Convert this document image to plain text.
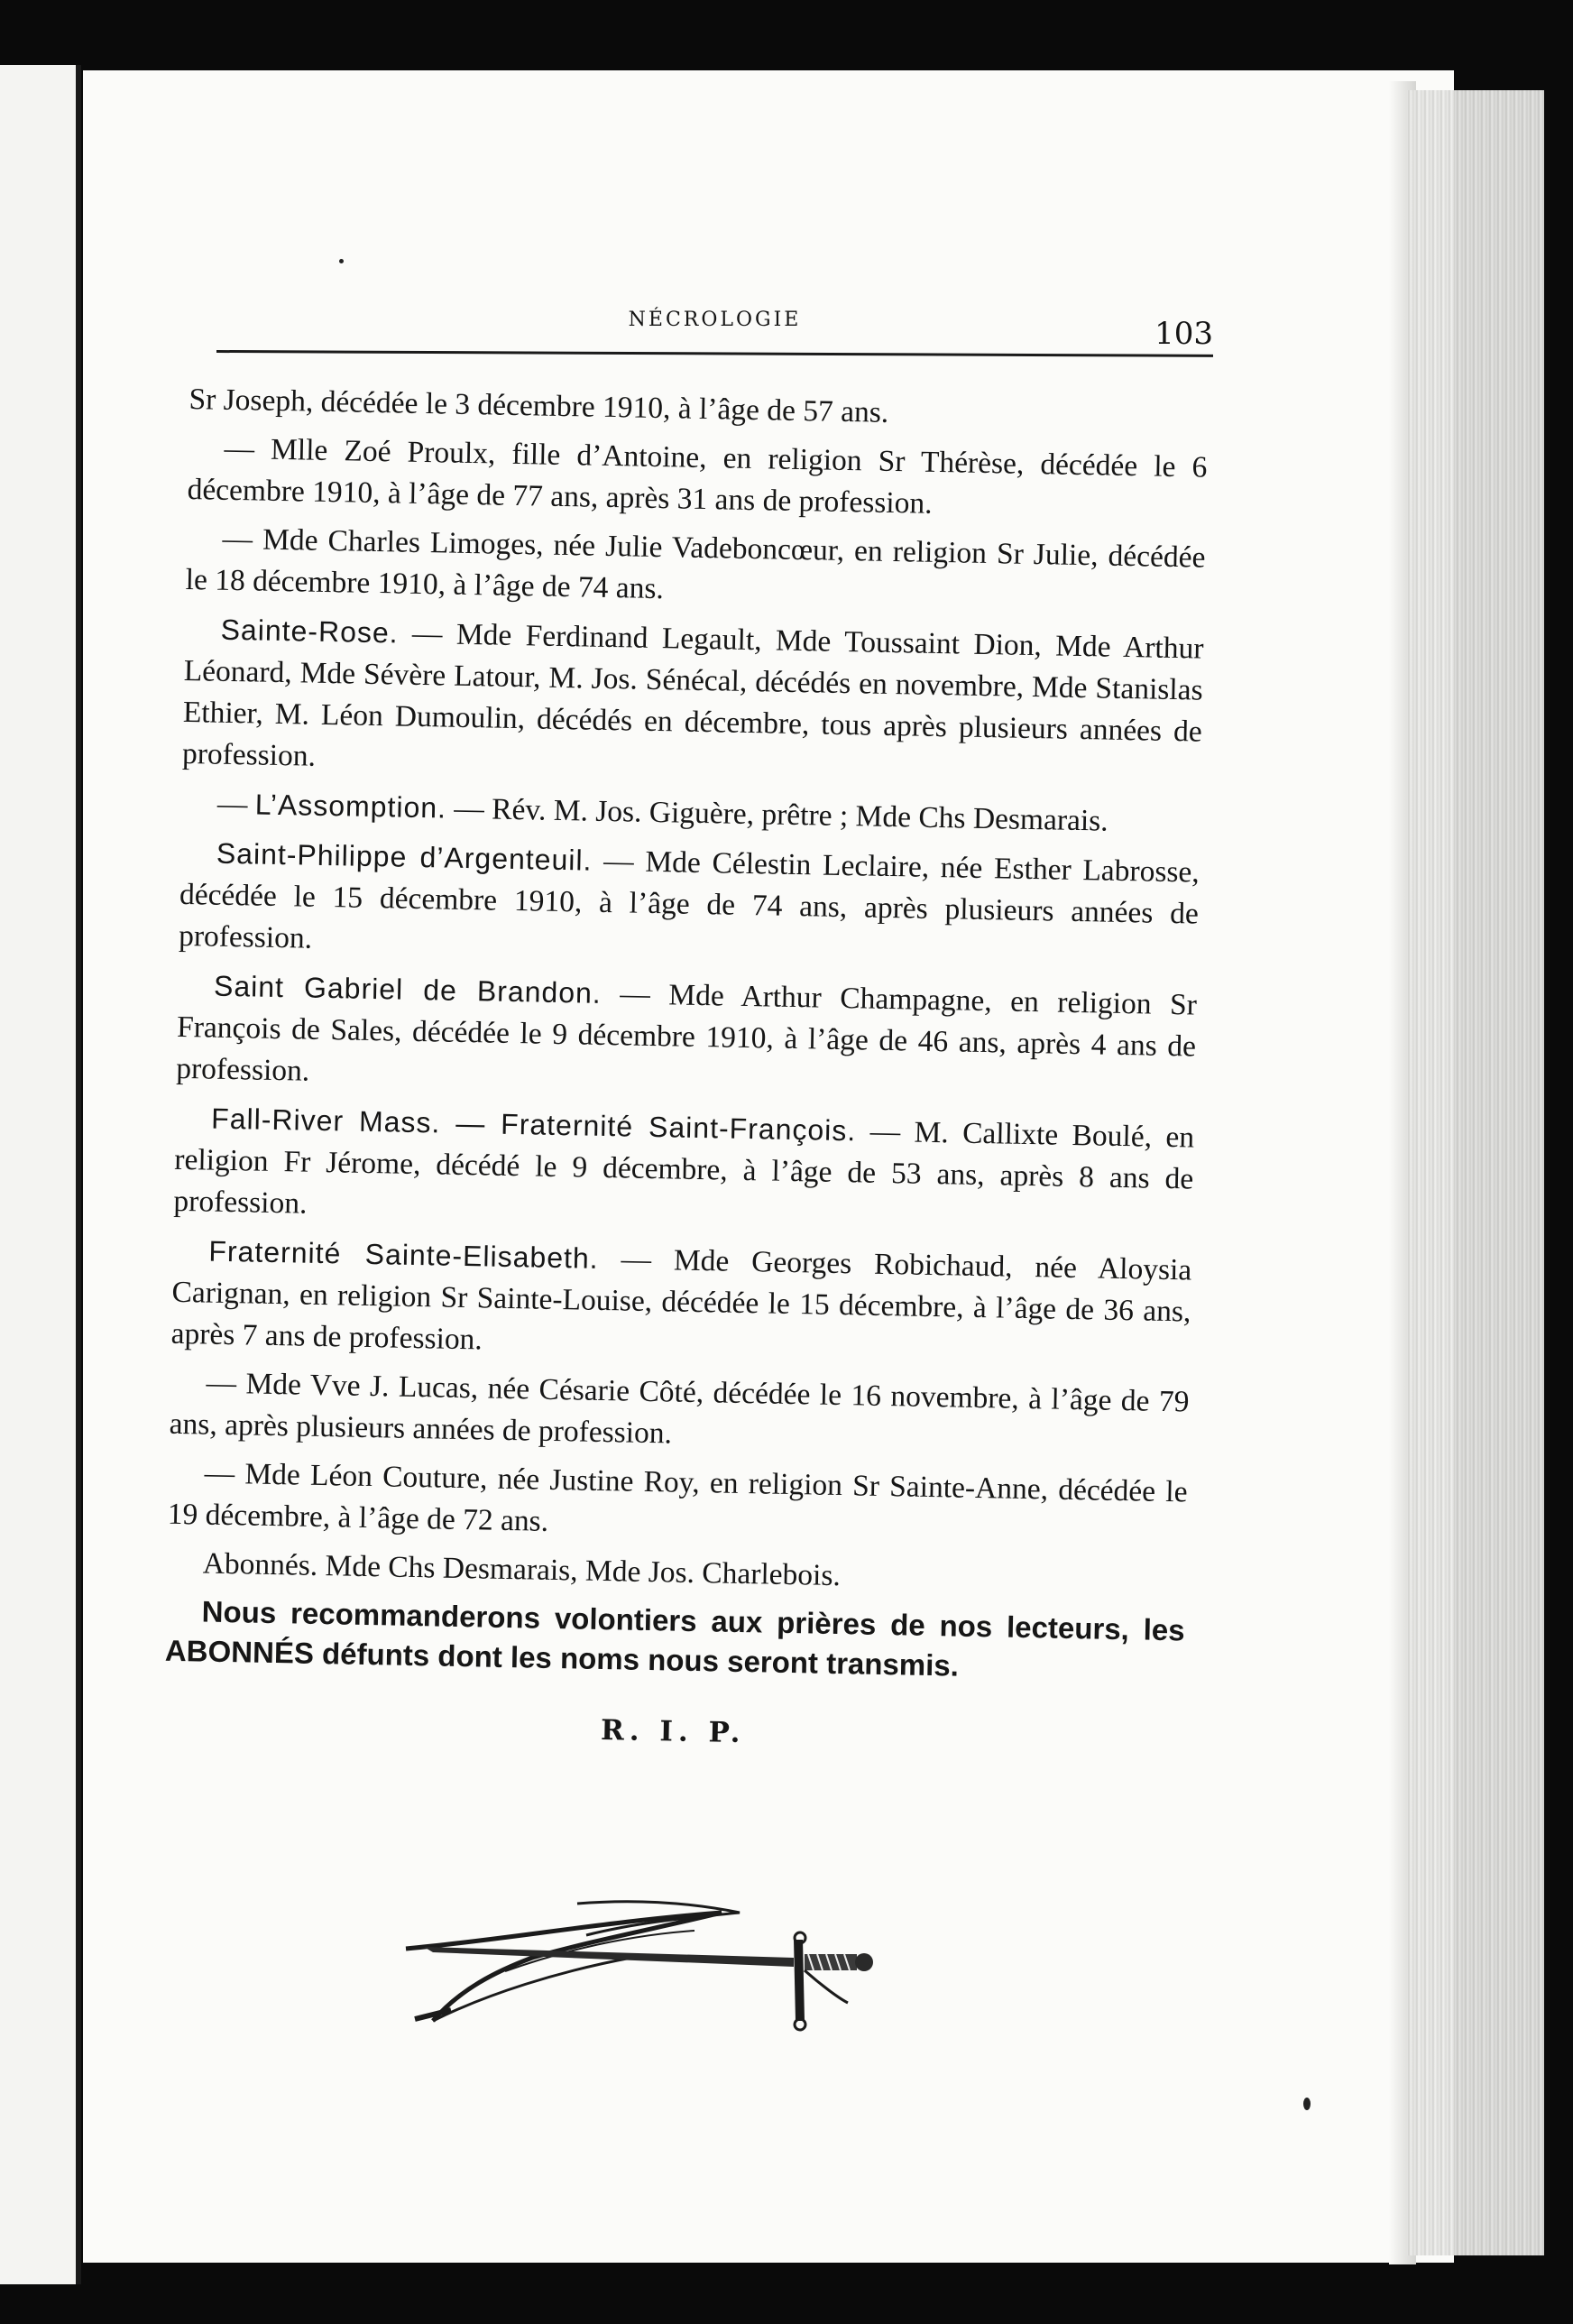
NÉCROLOGIE	103

Sr Joseph, décédée le 3 décembre 1910, à l’âge de 57 ans.

— Mlle Zoé Proulx, fille d’Antoine, en religion Sr Thérèse, décédée le 6 décembre 1910, à l’âge de 77 ans, après 31 ans de profession.

— Mde Charles Limoges, née Julie Vadeboncœur, en religion Sr Julie, décédée le 18 décembre 1910, à l’âge de 74 ans.

Sainte-Rose. — Mde Ferdinand Legault, Mde Toussaint Dion, Mde Arthur Léonard, Mde Sévère Latour, M. Jos. Sénécal, décédés en novembre, Mde Stanislas Ethier, M. Léon Dumoulin, décédés en décembre, tous après plusieurs années de profession.

— L’Assomption. — Rév. M. Jos. Giguère, prêtre ; Mde Chs Desmarais.

Saint-Philippe d’Argenteuil. — Mde Célestin Leclaire, née Esther Labrosse, décédée le 15 décembre 1910, à l’âge de 74 ans, après plusieurs années de profession.

Saint Gabriel de Brandon. — Mde Arthur Champagne, en religion Sr François de Sales, décédée le 9 décembre 1910, à l’âge de 46 ans, après 4 ans de profession.

Fall-River Mass. — Fraternité Saint-François. — M. Callixte Boulé, en religion Fr Jérome, décédé le 9 décembre, à l’âge de 53 ans, après 8 ans de profession.

Fraternité Sainte-Elisabeth. — Mde Georges Robichaud, née Aloysia Carignan, en religion Sr Sainte-Louise, décédée le 15 décembre, à l’âge de 36 ans, après 7 ans de profession.

— Mde Vve J. Lucas, née Césarie Côté, décédée le 16 novembre, à l’âge de 79 ans, après plusieurs années de profession.

— Mde Léon Couture, née Justine Roy, en religion Sr Sainte-Anne, décédée le 19 décembre, à l’âge de 72 ans.

Abonnés. Mde Chs Desmarais, Mde Jos. Charlebois.

Nous recommanderons volontiers aux prières de nos lecteurs, les ABONNÉS défunts dont les noms nous seront transmis.

R. I. P.
